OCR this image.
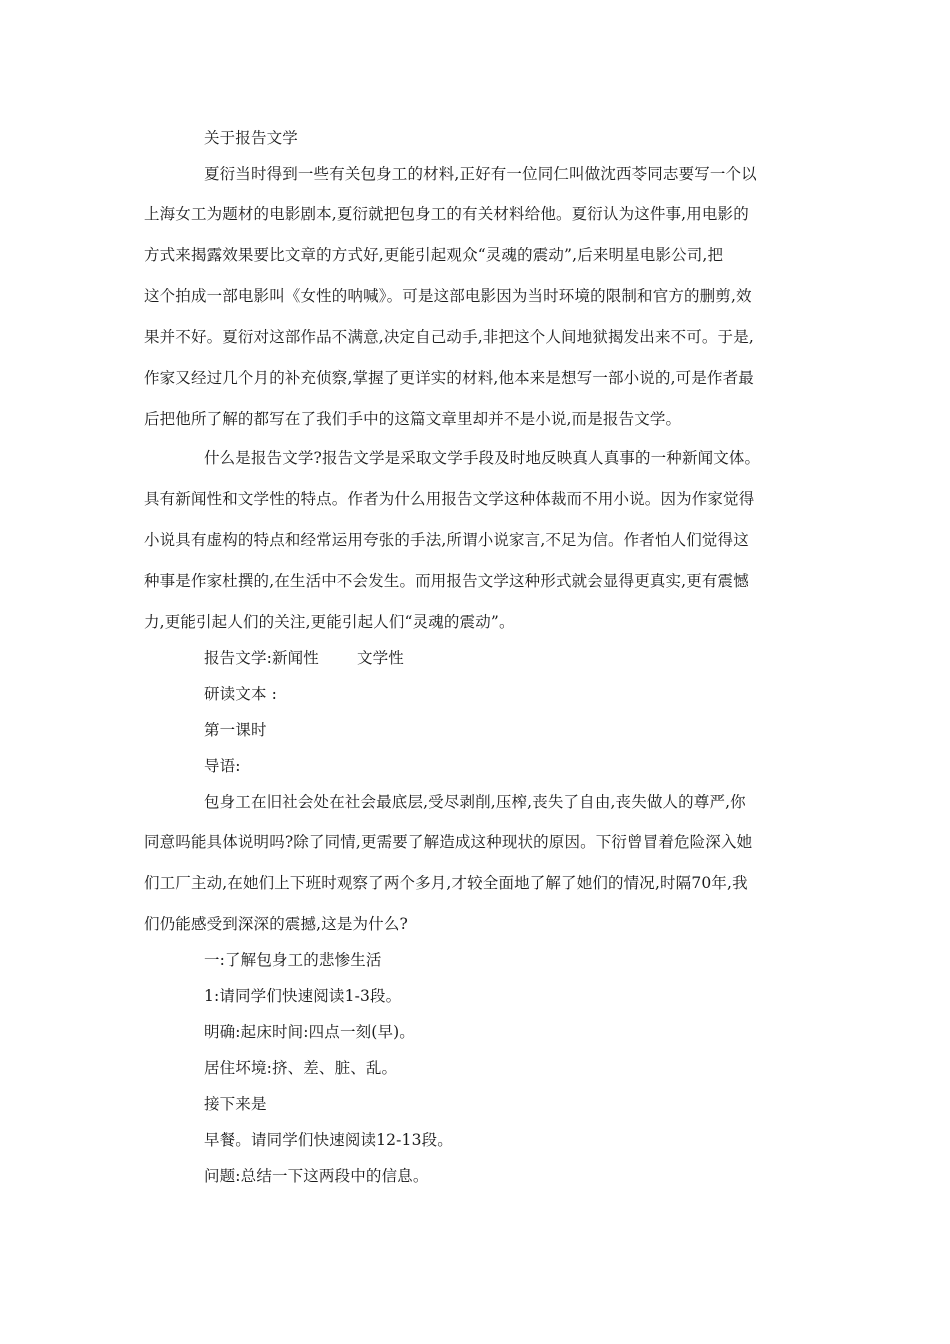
关于报告文学
夏衍当时得到一些有关包身工的材料,正好有一位同仁叫做沈西苓同志要写一个以
上海女工为题材的电影剧本,夏衍就把包身工的有关材料给他。夏衍认为这件事,用电影的
方式来揭露效果要比文章的方式好,更能引起观众“灵魂的震动”,后来明星电影公司,把
这个拍成一部电影叫《女性的呐喊》。可是这部电影因为当时环境的限制和官方的删剪,效
果并不好。夏衍对这部作品不满意,决定自己动手,非把这个人间地狱揭发出来不可。于是,
作家又经过几个月的补充侦察,掌握了更详实的材料,他本来是想写一部小说的,可是作者最
后把他所了解的都写在了我们手中的这篇文章里却并不是小说,而是报告文学。
什么是报告文学?报告文学是采取文学手段及时地反映真人真事的一种新闻文体。
具有新闻性和文学性的特点。作者为什么用报告文学这种体裁而不用小说。因为作家觉得
小说具有虚构的特点和经常运用夸张的手法,所谓小说家言,不足为信。作者怕人们觉得这
种事是作家杜撰的,在生活中不会发生。而用报告文学这种形式就会显得更真实,更有震憾
力,更能引起人们的关注,更能引起人们“灵魂的震动”。
报告文学:新闻性 文学性
研读文本 :
第一课时
导语:
包身工在旧社会处在社会最底层,受尽剥削,压榨,丧失了自由,丧失做人的尊严,你
同意吗能具体说明吗?除了同情,更需要了解造成这种现状的原因。下衍曾冒着危险深入她
们工厂主动,在她们上下班时观察了两个多月,才较全面地了解了她们的情况,时隔70年,我
们仍能感受到深深的震撼,这是为什么?
一:了解包身工的悲惨生活
1:请同学们快速阅读1-3段。
明确:起床时间:四点一刻(早)。
居住坏境:挤、差、脏、乱。
接下来是
早餐。请同学们快速阅读12-13段。
问题:总结一下这两段中的信息。
